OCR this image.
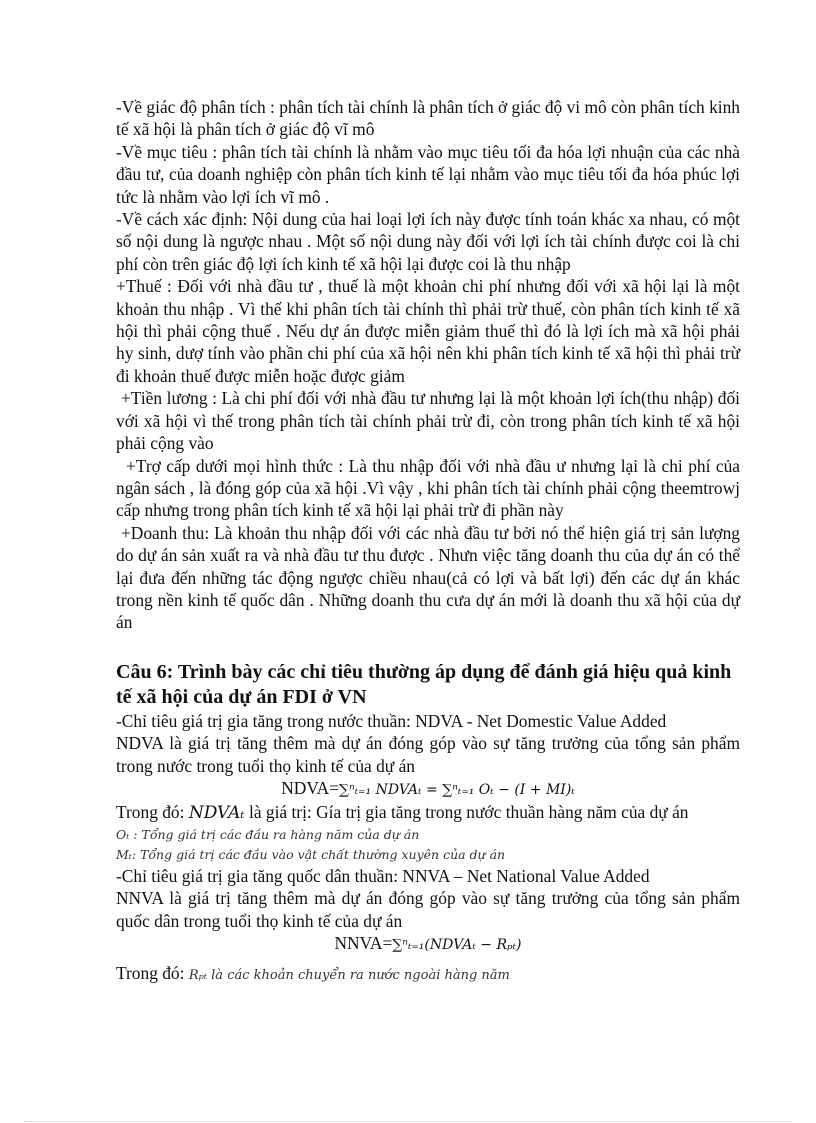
-Về giác độ phân tích : phân tích tài chính là phân tích ở giác độ vi mô còn phân tích kinh tế xã hội là phân tích ở giác độ vĩ mô

-Về mục tiêu : phân tích tài chính là nhằm vào mục tiêu tối đa hóa lợi nhuận của các nhà đầu tư, của doanh nghiệp còn phân tích kinh tế lại nhằm vào mục tiêu tối đa hóa phúc lợi tức là nhằm vào lợi ích vĩ mô .

-Về cách xác định: Nội dung của hai loại lợi ích này được tính toán khác xa nhau, có một số nội dung là ngược nhau . Một số nội dung này đối với lợi ích tài chính được coi là chi phí còn trên giác độ lợi ích kinh tế xã hội lại được coi là thu nhập

+Thuế : Đối với nhà đầu tư , thuế là một khoản chi phí nhưng đối với xã hội lại là một khoản thu nhập . Vì thế khi phân tích tài chính thì phải trừ thuế, còn phân tích kinh tế xã hội thì phải cộng thuế . Nếu dự án được miễn giảm thuế thì đó là lợi ích mà xã hội phải hy sinh, dượ tính vào phần chi phí của xã hội nên khi phân tích kinh tế xã hội thì phải trừ đi khoản thuế được miễn hoặc được giảm

+Tiền lương : Là chi phí đối với nhà đầu tư nhưng lại là một khoản lợi ích(thu nhập) đối với xã hội vì thế trong phân tích tài chính phải trừ đi, còn trong phân tích kinh tế xã hội phải cộng vào

+Trợ cấp dưới mọi hình thức : Là thu nhập đối với nhà đầu ư nhưng lại là chi phí của ngân sách , là đóng góp của xã hội .Vì vậy , khi phân tích tài chính phải cộng theemtrowj cấp nhưng trong phân tích kinh tế xã hội lại phải trừ đi phần này

+Doanh thu: Là khoản thu nhập đối với các nhà đầu tư bởi nó thể hiện giá trị sản lượng do dự án sản xuất ra và nhà đầu tư thu được . Nhưn việc tăng doanh thu của dự án có thể lại đưa đến những tác động ngược chiều nhau(cả có lợi và bất lợi) đến các dự án khác trong nền kinh tế quốc dân . Những doanh thu cưa dự án mới là doanh thu xã hội của dự án

Câu 6: Trình bày các chỉ tiêu thường áp dụng để đánh giá hiệu quả kinh tế xã hội của dự án FDI ở VN

-Chỉ tiêu giá trị gia tăng trong nước thuần: NDVA - Net Domestic Value Added

NDVA là giá trị tăng thêm mà dự án đóng góp vào sự tăng trưởng của tổng sản phẩm trong nước trong tuổi thọ kinh tế của dự án

NDVA=∑ⁿₜ₌₁ NDVAₜ = ∑ⁿₜ₌₁ Oₜ − (I + MI)ₜ

Trong đó: NDVAₜ là giá trị: Gía trị gia tăng trong nước thuần hàng năm của dự án

Oₜ : Tổng giá trị các đầu ra hàng năm của dự án

Mₜ: Tổng giá trị các đầu vào vật chất thường xuyên của dự án

-Chỉ tiêu giá trị gia tăng quốc dân thuần: NNVA – Net National Value Added

NNVA là giá trị tăng thêm mà dự án đóng góp vào sự tăng trưởng của tổng sản phẩm quốc dân trong tuổi thọ kinh tế của dự án

NNVA=∑ⁿₜ₌₁(NDVAₜ − Rₚₜ)

Trong đó: Rₚₜ là các khoản chuyển ra nước ngoài hàng năm
